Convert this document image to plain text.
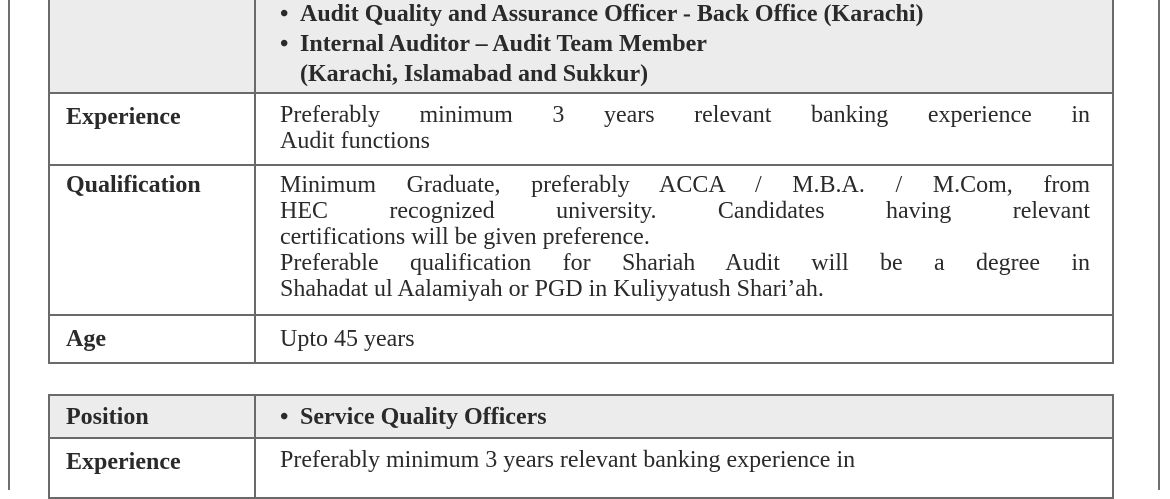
	• Audit Quality and Assurance Officer - Back Office (Karachi)
• Internal Auditor – Audit Team Member
(Karachi, Islamabad and Sukkur)

Experience	Preferably minimum 3 years relevant banking experience in
Audit functions

Qualification	Minimum Graduate, preferably ACCA / M.B.A. / M.Com, from
HEC recognized university. Candidates having relevant
certifications will be given preference.
Preferable qualification for Shariah Audit will be a degree in
Shahadat ul Aalamiyah or PGD in Kuliyyatush Shari’ah.

Age	Upto 45 years
Position	• Service Quality Officers

Experience	Preferably minimum 3 years relevant banking experience in
